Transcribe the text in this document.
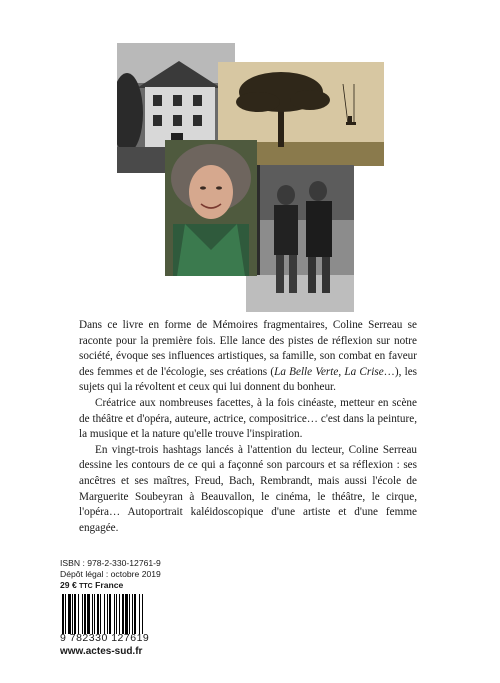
Dans ce livre en forme de Mémoires fragmentaires, Coline Serreau se raconte pour la première fois. Elle lance des pistes de réflexion sur notre société, évoque ses influences artistiques, sa famille, son combat en faveur des femmes et de l'écologie, ses créations (La Belle Verte, La Crise…), les sujets qui la révoltent et ceux qui lui donnent du bonheur.

Créatrice aux nombreuses facettes, à la fois cinéaste, metteur en scène de théâtre et d'opéra, auteure, actrice, compositrice… c'est dans la peinture, la musique et la nature qu'elle trouve l'inspiration.

En vingt-trois hashtags lancés à l'attention du lecteur, Coline Serreau dessine les contours de ce qui a façonné son parcours et sa réflexion : ses ancêtres et ses maîtres, Freud, Bach, Rembrandt, mais aussi l'école de Marguerite Soubeyran à Beauvallon, le cinéma, le théâtre, le cirque, l'opéra… Autoportrait kaléidoscopique d'une artiste et d'une femme engagée.

ISBN : 978-2-330-12761-9
Dépôt légal : octobre 2019
29 € TTC France
9 782330 127619
www.actes-sud.fr
